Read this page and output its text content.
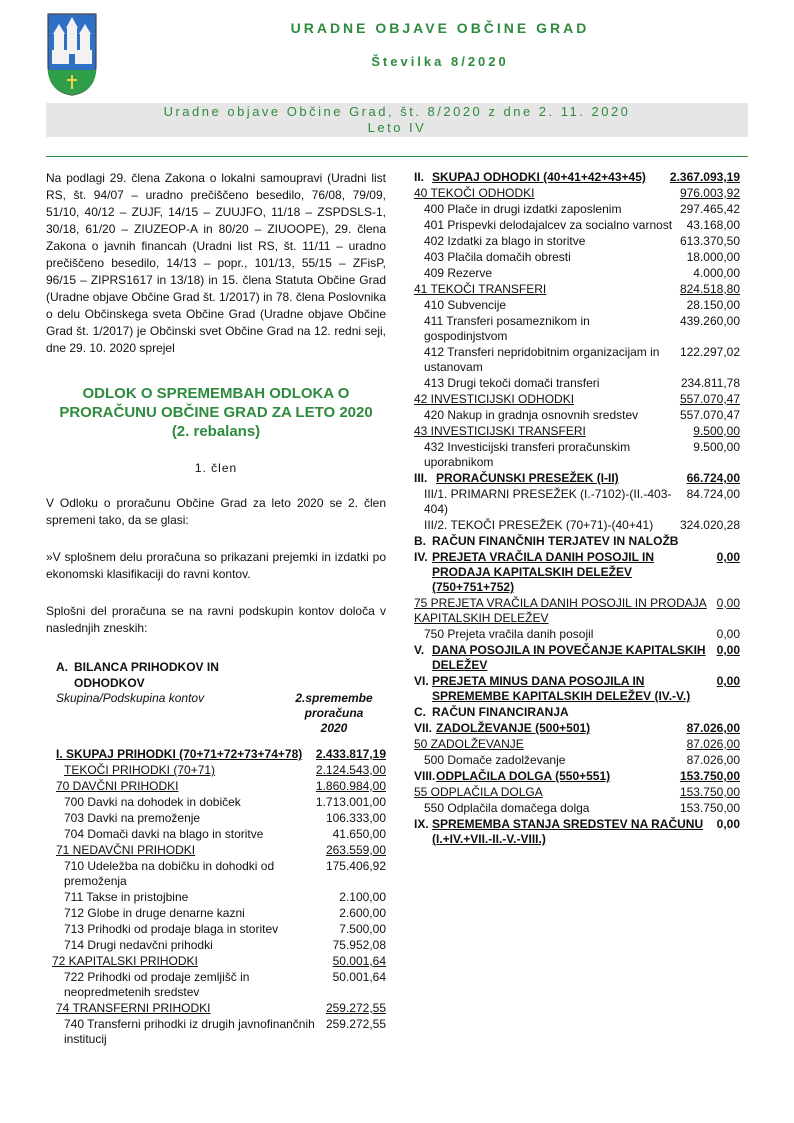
URADNE OBJAVE OBČINE GRAD
Številka 8/2020
Uradne objave Občine Grad, št. 8/2020 z dne 2. 11. 2020
Leto IV

Na podlagi 29. člena Zakona o lokalni samoupravi (Uradni list RS, št. 94/07 – uradno prečiščeno besedilo, 76/08, 79/09, 51/10, 40/12 – ZUJF, 14/15 – ZUUJFO, 11/18 – ZSPDSLS-1, 30/18, 61/20 – ZIUZEOP-A in 80/20 – ZIUOOPE), 29. člena Zakona o javnih financah (Uradni list RS, št. 11/11 – uradno prečiščeno besedilo, 14/13 – popr., 101/13, 55/15 – ZFisP, 96/15 – ZIPRS1617 in 13/18) in 15. člena Statuta Občine Grad (Uradne objave Občine Grad št. 1/2017) in 78. člena Poslovnika o delu Občinskega sveta Občine Grad (Uradne objave Občine Grad št. 1/2017) je Občinski svet Občine Grad na 12. redni seji, dne 29. 10. 2020 sprejel

ODLOK O SPREMEMBAH ODLOKA O
PRORAČUNU OBČINE GRAD ZA LETO 2020
(2. rebalans)
1. člen
V Odloku o proračunu Občine Grad za leto 2020 se 2. člen spremeni tako, da se glasi:
»V splošnem delu proračuna so prikazani prejemki in izdatki po ekonomski klasifikaciji do ravni kontov.
Splošni del proračuna se na ravni podskupin kontov določa v naslednjih zneskih:
A. BILANCA PRIHODKOV IN
ODHODKOV
Skupina/Podskupina kontov	2.spremembe proračuna 2020
I. SKUPAJ PRIHODKI (70+71+72+73+74+78)	2.433.817,19
TEKOČI PRIHODKI (70+71)	2.124.543,00
70 DAVČNI PRIHODKI	1.860.984,00
700 Davki na dohodek in dobiček	1.713.001,00
703 Davki na premoženje	106.333,00
704 Domači davki na blago in storitve	41.650,00
71 NEDAVČNI PRIHODKI	263.559,00
710 Udeležba na dobičku in dohodki od premoženja
175.406,92
711 Takse in pristojbine	2.100,00
712 Globe in druge denarne kazni	2.600,00
713 Prihodki od prodaje blaga in storitev	7.500,00
714 Drugi nedavčni prihodki	75.952,08
72 KAPITALSKI PRIHODKI	50.001,64
722 Prihodki od prodaje zemljišč in neopredmetenih sredstev
50.001,64
74 TRANSFERNI PRIHODKI	259.272,55
740 Transferni prihodki iz drugih javnofinančnih institucij
259.272,55
II. SKUPAJ ODHODKI (40+41+42+43+45)	2.367.093,19
40 TEKOČI ODHODKI	976.003,92
400 Plače in drugi izdatki zaposlenim	297.465,42
401 Prispevki delodajalcev za socialno varnost	43.168,00
402 Izdatki za blago in storitve	613.370,50
403 Plačila domačih obresti	18.000,00
409 Rezerve	4.000,00
41 TEKOČI TRANSFERI	824.518,80
410 Subvencije	28.150,00
411 Transferi posameznikom in gospodinjstvom
439.260,00
412 Transferi nepridobitnim organizacijam in ustanovam
122.297,02
413 Drugi tekoči domači transferi	234.811,78
42 INVESTICIJSKI ODHODKI	557.070,47
420 Nakup in gradnja osnovnih sredstev	557.070,47
43 INVESTICIJSKI TRANSFERI	9.500,00
432 Investicijski transferi proračunskim uporabnikom
9.500,00
III. PRORAČUNSKI PRESEŽEK (I-II)	66.724,00
III/1. PRIMARNI PRESEŽEK (I.-7102)-(II.-403-404)
84.724,00
III/2. TEKOČI PRESEŽEK (70+71)-(40+41)	324.020,28
B. RAČUN FINANČNIH TERJATEV IN NALOŽB
IV. PREJETA VRAČILA DANIH POSOJIL IN PRODAJA KAPITALSKIH DELEŽEV (750+751+752)
0,00
75 PREJETA VRAČILA DANIH POSOJIL IN PRODAJA KAPITALSKIH DELEŽEV
0,00
750 Prejeta vračila danih posojil	0,00
V. DANA POSOJILA IN POVEČANJE KAPITALSKIH DELEŽEV
0,00
VI. PREJETA MINUS DANA POSOJILA IN SPREMEMBE KAPITALSKIH DELEŽEV (IV.-V.)
0,00
C. RAČUN FINANCIRANJA
VII. ZADOLŽEVANJE (500+501)	87.026,00
50 ZADOLŽEVANJE	87.026,00
500 Domače zadolževanje	87.026,00
VIII. ODPLAČILA DOLGA (550+551)	153.750,00
55 ODPLAČILA DOLGA	153.750,00
550 Odplačila domačega dolga	153.750,00
IX. SPREMEMBA STANJA SREDSTEV NA RAČUNU (I.+IV.+VII.-II.-V.-VIII.)
0,00
